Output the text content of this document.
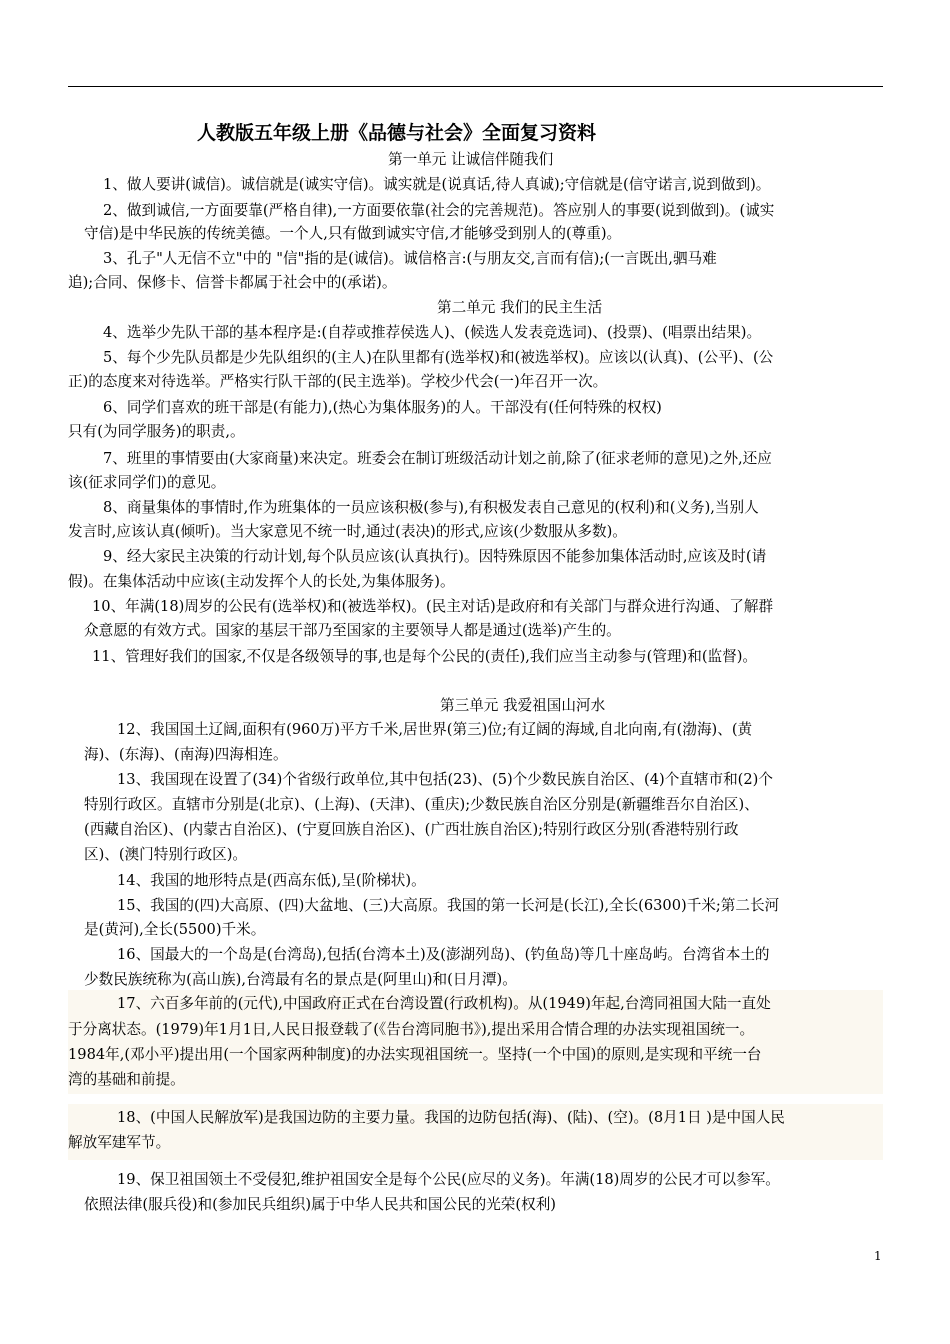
人教版五年级上册《品德与社会》全面复习资料
第一单元 让诚信伴随我们
第二单元 我们的民主生活
第三单元 我爱祖国山河水
1、做人要讲(诚信)。诚信就是(诚实守信)。诚实就是(说真话,待人真诚);守信就是(信守诺言,说到做到)。
2、做到诚信,一方面要靠(严格自律),一方面要依靠(社会的完善规范)。答应别人的事要(说到做到)。(诚实
守信)是中华民族的传统美德。一个人,只有做到诚实守信,才能够受到别人的(尊重)。
3、孔子"人无信不立"中的 "信"指的是(诚信)。诚信格言:(与朋友交,言而有信);(一言既出,驷马难
追);合同、保修卡、信誉卡都属于社会中的(承诺)。
4、选举少先队干部的基本程序是:(自荐或推荐侯选人)、(候选人发表竞选词)、(投票)、(唱票出结果)。
5、每个少先队员都是少先队组织的(主人)在队里都有(选举权)和(被选举权)。应该以(认真)、(公平)、(公
正)的态度来对待选举。严格实行队干部的(民主选举)。学校少代会(一)年召开一次。
6、同学们喜欢的班干部是(有能力),(热心为集体服务)的人。干部没有(任何特殊的权权)
只有(为同学服务)的职责,。
7、班里的事情要由(大家商量)来决定。班委会在制订班级活动计划之前,除了(征求老师的意见)之外,还应
该(征求同学们)的意见。
8、商量集体的事情时,作为班集体的一员应该积极(参与),有积极发表自己意见的(权利)和(义务),当别人
发言时,应该认真(倾听)。当大家意见不统一时,通过(表决)的形式,应该(少数服从多数)。
9、经大家民主决策的行动计划,每个队员应该(认真执行)。因特殊原因不能参加集体活动时,应该及时(请
假)。在集体活动中应该(主动发挥个人的长处,为集体服务)。
10、年满(18)周岁的公民有(选举权)和(被选举权)。(民主对话)是政府和有关部门与群众进行沟通、了解群
众意愿的有效方式。国家的基层干部乃至国家的主要领导人都是通过(选举)产生的。
11、管理好我们的国家,不仅是各级领导的事,也是每个公民的(责任),我们应当主动参与(管理)和(监督)。
12、我国国土辽阔,面积有(960万)平方千米,居世界(第三)位;有辽阔的海域,自北向南,有(渤海)、(黄
海)、(东海)、(南海)四海相连。
13、我国现在设置了(34)个省级行政单位,其中包括(23)、(5)个少数民族自治区、(4)个直辖市和(2)个
特别行政区。直辖市分别是(北京)、(上海)、(天津)、(重庆);少数民族自治区分别是(新疆维吾尔自治区)、
(西藏自治区)、(内蒙古自治区)、(宁夏回族自治区)、(广西壮族自治区);特别行政区分别(香港特别行政
区)、(澳门特别行政区)。
14、我国的地形特点是(西高东低),呈(阶梯状)。
15、我国的(四)大高原、(四)大盆地、(三)大高原。我国的第一长河是(长江),全长(6300)千米;第二长河
是(黄河),全长(5500)千米。
16、国最大的一个岛是(台湾岛),包括(台湾本土)及(澎湖列岛)、(钓鱼岛)等几十座岛屿。台湾省本土的
少数民族统称为(高山族),台湾最有名的景点是(阿里山)和(日月潭)。
17、六百多年前的(元代),中国政府正式在台湾设置(行政机构)。从(1949)年起,台湾同祖国大陆一直处
于分离状态。(1979)年1月1日,人民日报登载了(《告台湾同胞书》),提出采用合情合理的办法实现祖国统一。
1984年,(邓小平)提出用(一个国家两种制度)的办法实现祖国统一。坚持(一个中国)的原则,是实现和平统一台
湾的基础和前提。
18、(中国人民解放军)是我国边防的主要力量。我国的边防包括(海)、(陆)、(空)。(8月1日 )是中国人民
解放军建军节。
19、保卫祖国领土不受侵犯,维护祖国安全是每个公民(应尽的义务)。年满(18)周岁的公民才可以参军。
依照法律(服兵役)和(参加民兵组织)属于中华人民共和国公民的光荣(权利)
1
